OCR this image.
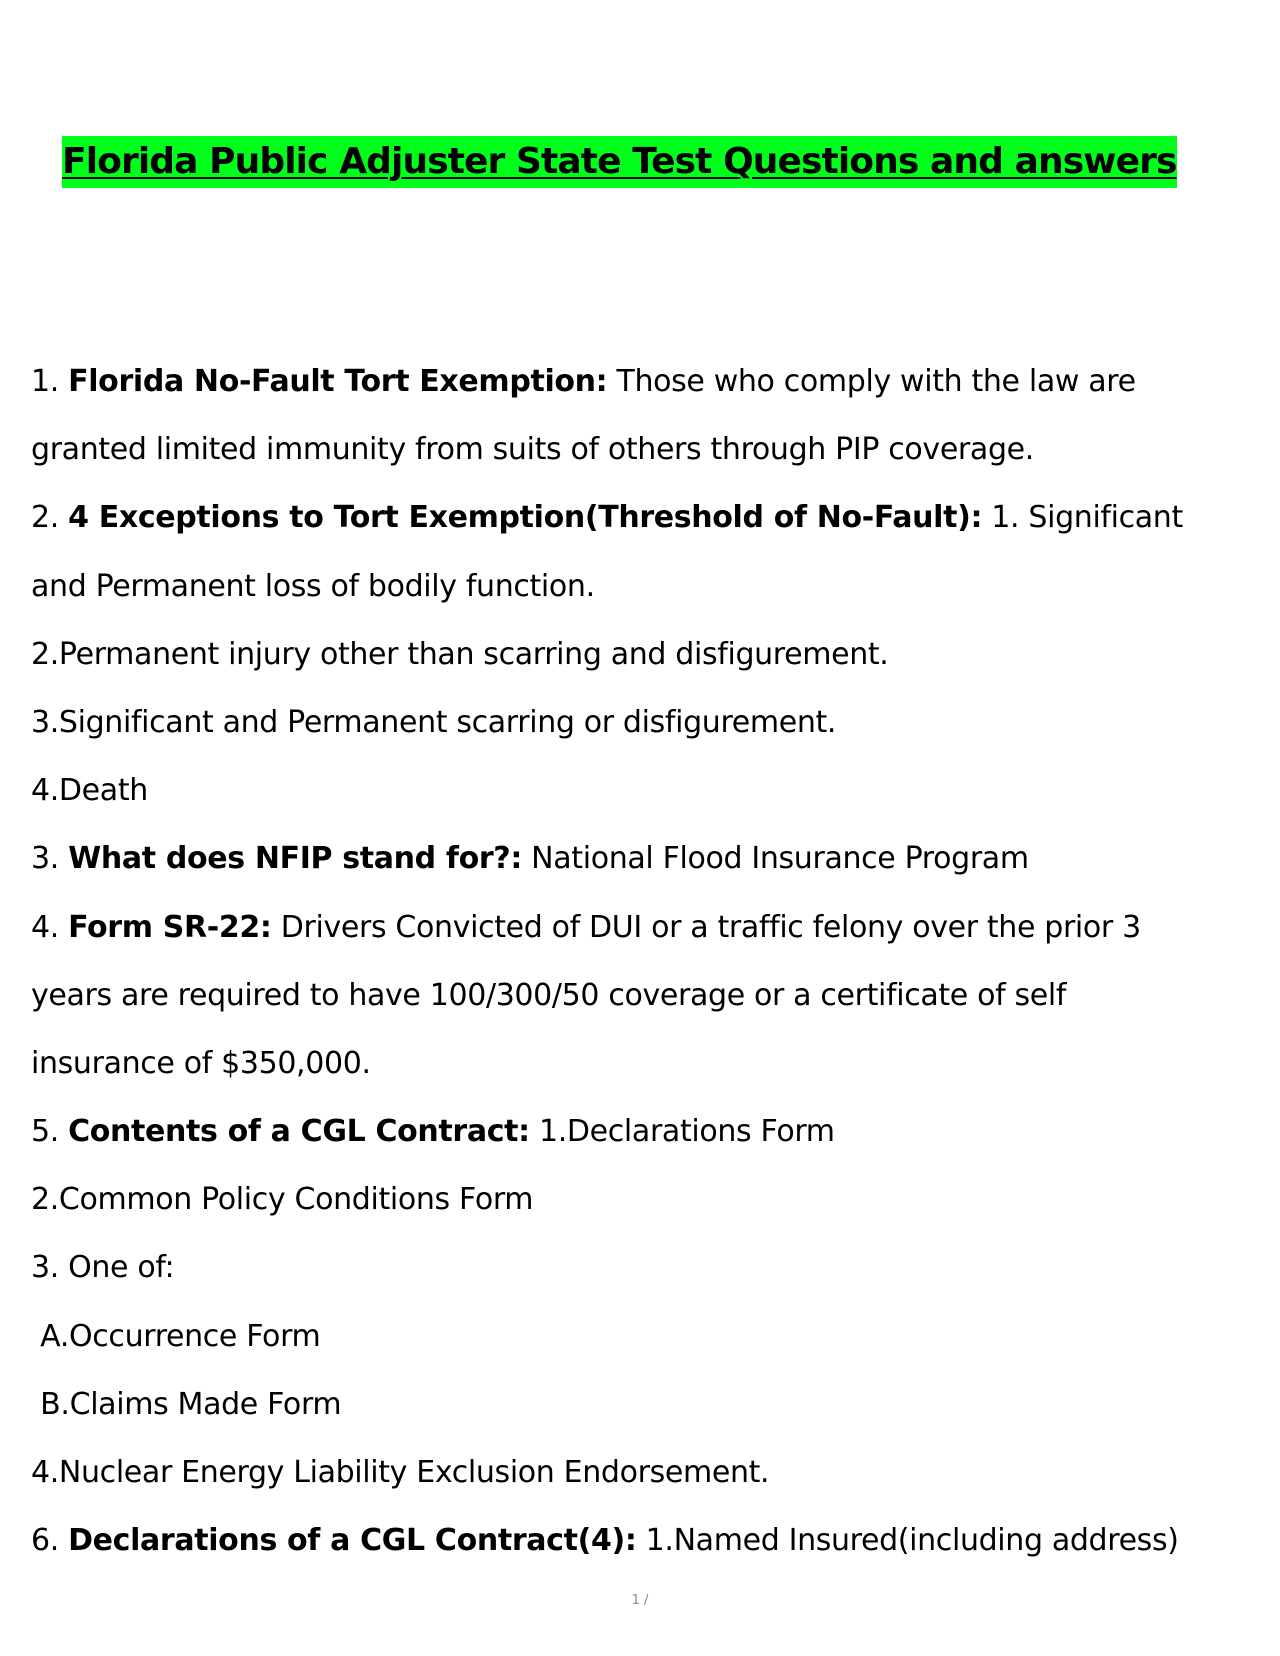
Florida Public Adjuster State Test Questions and answers
1. Florida No-Fault Tort Exemption: Those who comply with the law are
granted limited immunity from suits of others through PIP coverage.
2. 4 Exceptions to Tort Exemption(Threshold of No-Fault): 1. Significant
and Permanent loss of bodily function.
2.Permanent injury other than scarring and disfigurement.
3.Significant and Permanent scarring or disfigurement.
4.Death
3. What does NFIP stand for?: National Flood Insurance Program
4. Form SR-22: Drivers Convicted of DUI or a traffic felony over the prior 3
years are required to have 100/300/50 coverage or a certificate of self
insurance of $350,000.
5. Contents of a CGL Contract: 1.Declarations Form
2.Common Policy Conditions Form
3. One of:
A.Occurrence Form
B.Claims Made Form
4.Nuclear Energy Liability Exclusion Endorsement.
6. Declarations of a CGL Contract(4): 1.Named Insured(including address)
1 /
